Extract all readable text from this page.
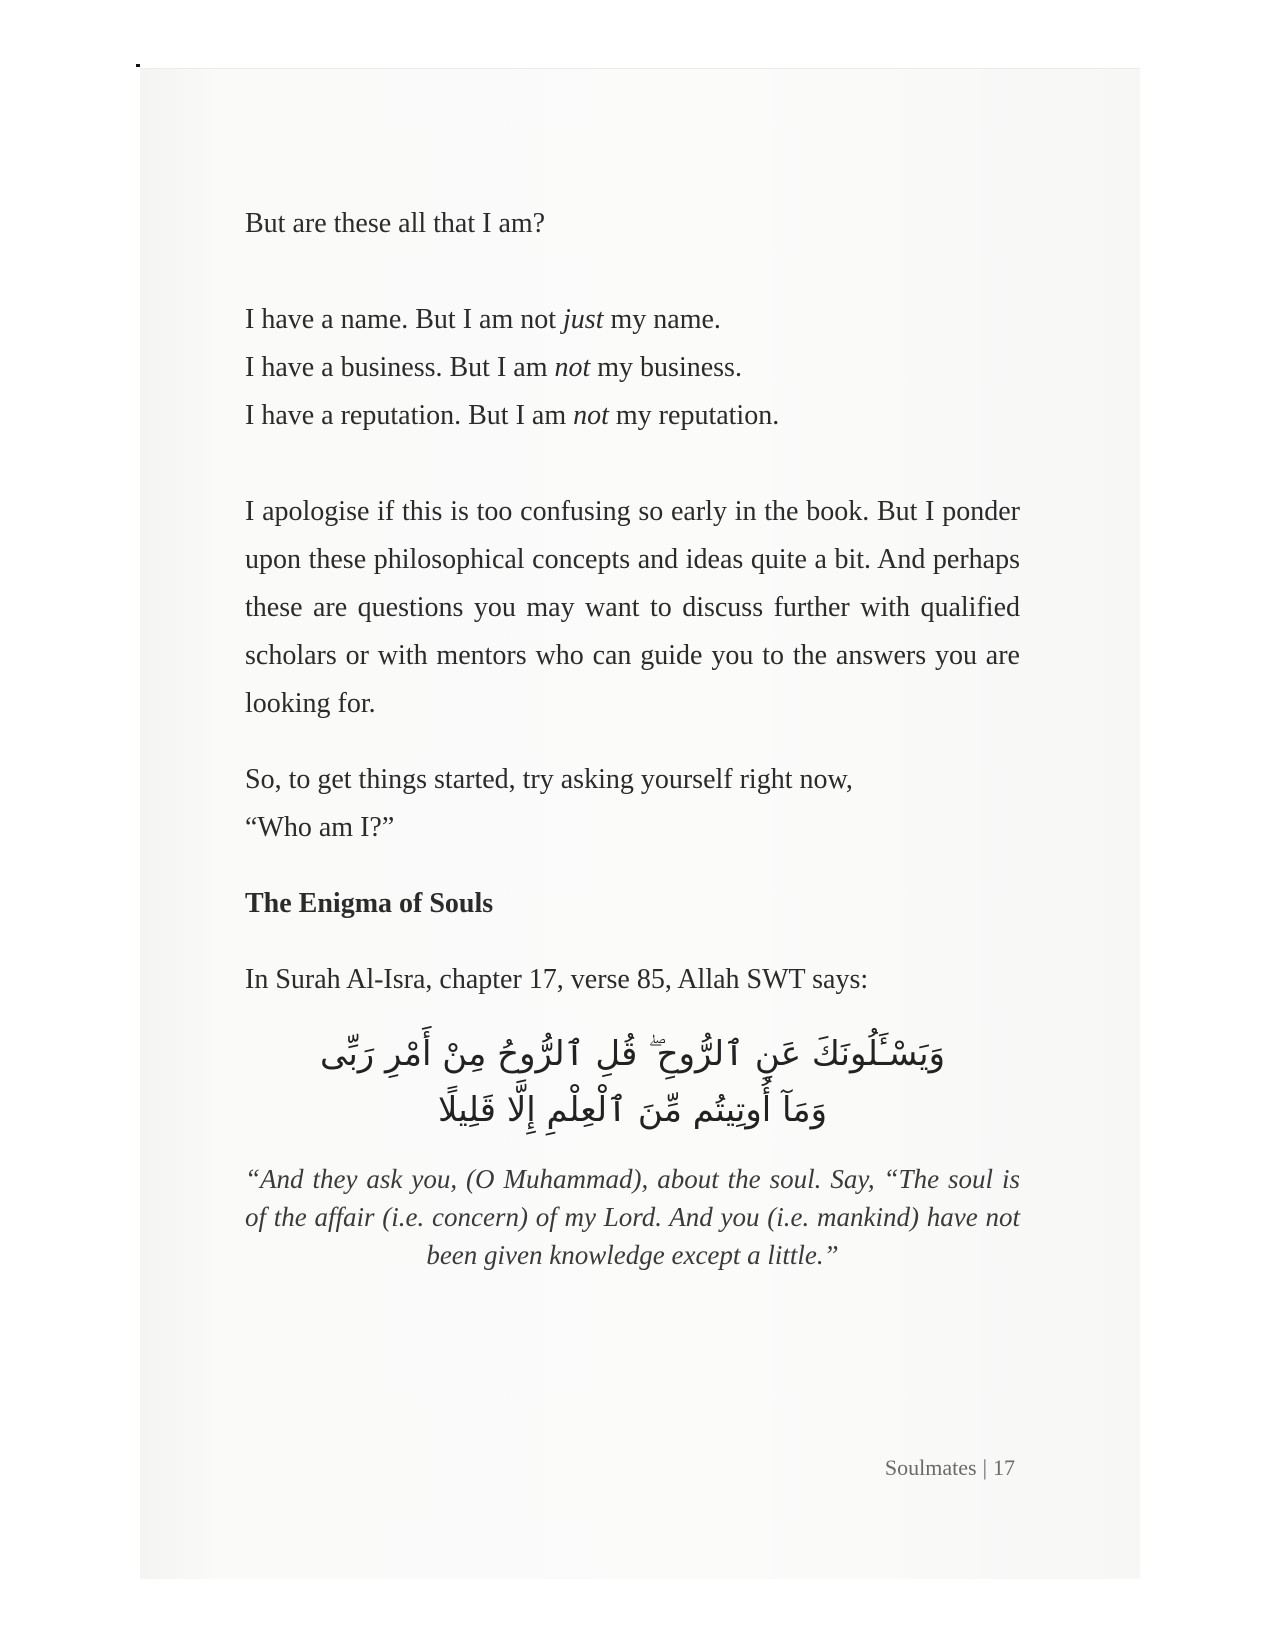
But are these all that I am?

I have a name. But I am not just my name.

I have a business. But I am not my business.

I have a reputation. But I am not my reputation.

I apologise if this is too confusing so early in the book. But I ponder upon these philosophical concepts and ideas quite a bit. And perhaps these are questions you may want to discuss further with qualified scholars or with mentors who can guide you to the answers you are looking for.

So, to get things started, try asking yourself right now,

“Who am I?”

The Enigma of Souls

In Surah Al-Isra, chapter 17, verse 85, Allah SWT says:

وَيَسْـَٔلُونَكَ عَنِ ٱلرُّوحِ ۖ قُلِ ٱلرُّوحُ مِنْ أَمْرِ رَبِّى

وَمَآ أُوتِيتُم مِّنَ ٱلْعِلْمِ إِلَّا قَلِيلًا

“And they ask you, (O Muhammad), about the soul. Say, “The soul is of the affair (i.e. concern) of my Lord. And you (i.e. mankind) have not been given knowledge except a little.”

Soulmates | 17
